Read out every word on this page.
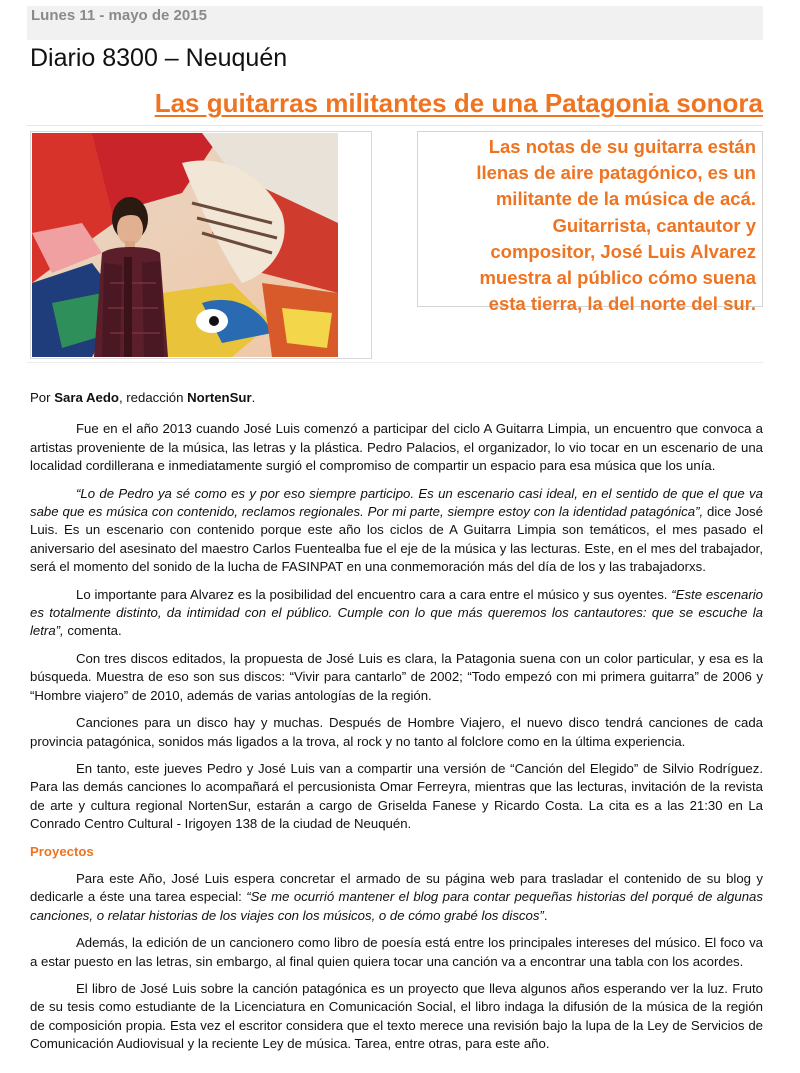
Lunes 11 - mayo de 2015
Diario 8300 – Neuquén
Las guitarras militantes de una Patagonia sonora

Las notas de su guitarra están
llenas de aire patagónico, es un
militante de la música de acá.
Guitarrista, cantautor y
compositor, José Luis Alvarez
muestra al público cómo suena
esta tierra, la del norte del sur.

Por Sara Aedo, redacción NortenSur.

Fue en el año 2013 cuando José Luis comenzó a participar del ciclo A Guitarra Limpia, un encuentro que convoca a artistas proveniente de la música, las letras y la plástica. Pedro Palacios, el organizador, lo vio tocar en un escenario de una localidad cordillerana e inmediatamente surgió el compromiso de compartir un espacio para esa música que los unía.

“Lo de Pedro ya sé como es y por eso siempre participo. Es un escenario casi ideal, en el sentido de que el que va sabe que es música con contenido, reclamos regionales. Por mi parte, siempre estoy con la identidad patagónica”, dice José Luis. Es un escenario con contenido porque este año los ciclos de A Guitarra Limpia son temáticos, el mes pasado el aniversario del asesinato del maestro Carlos Fuentealba fue el eje de la música y las lecturas. Este, en el mes del trabajador, será el momento del sonido de la lucha de FASINPAT en una conmemoración más del día de los y las trabajadorxs.

Lo importante para Alvarez es la posibilidad del encuentro cara a cara entre el músico y sus oyentes. “Este escenario es totalmente distinto, da intimidad con el público. Cumple con lo que más queremos los cantautores: que se escuche la letra”, comenta.

Con tres discos editados, la propuesta de José Luis es clara, la Patagonia suena con un color particular, y esa es la búsqueda. Muestra de eso son sus discos: “Vivir para cantarlo” de 2002; “Todo empezó con mi primera guitarra” de 2006 y “Hombre viajero” de 2010, además de varias antologías de la región.

Canciones para un disco hay y muchas. Después de Hombre Viajero, el nuevo disco tendrá canciones de cada provincia patagónica, sonidos más ligados a la trova, al rock y no tanto al folclore como en la última experiencia.

En tanto, este jueves Pedro y José Luis van a compartir una versión de “Canción del Elegido” de Silvio Rodríguez. Para las demás canciones lo acompañará el percusionista Omar Ferreyra, mientras que las lecturas, invitación de la revista de arte y cultura regional NortenSur, estarán a cargo de Griselda Fanese y Ricardo Costa. La cita es a las 21:30 en La Conrado Centro Cultural - Irigoyen 138 de la ciudad de Neuquén.

Proyectos

Para este Año, José Luis espera concretar el armado de su página web para trasladar el contenido de su blog y dedicarle a éste una tarea especial: “Se me ocurrió mantener el blog para contar pequeñas historias del porqué de algunas canciones, o relatar historias de los viajes con los músicos, o de cómo grabé los discos”.

Además, la edición de un cancionero como libro de poesía está entre los principales intereses del músico. El foco va a estar puesto en las letras, sin embargo, al final quien quiera tocar una canción va a encontrar una tabla con los acordes.

El libro de José Luis sobre la canción patagónica es un proyecto que lleva algunos años esperando ver la luz. Fruto de su tesis como estudiante de la Licenciatura en Comunicación Social, el libro indaga la difusión de la música de la región de composición propia. Esta vez el escritor considera que el texto merece una revisión bajo la lupa de la Ley de Servicios de Comunicación Audiovisual y la reciente Ley de música. Tarea, entre otras, para este año.
